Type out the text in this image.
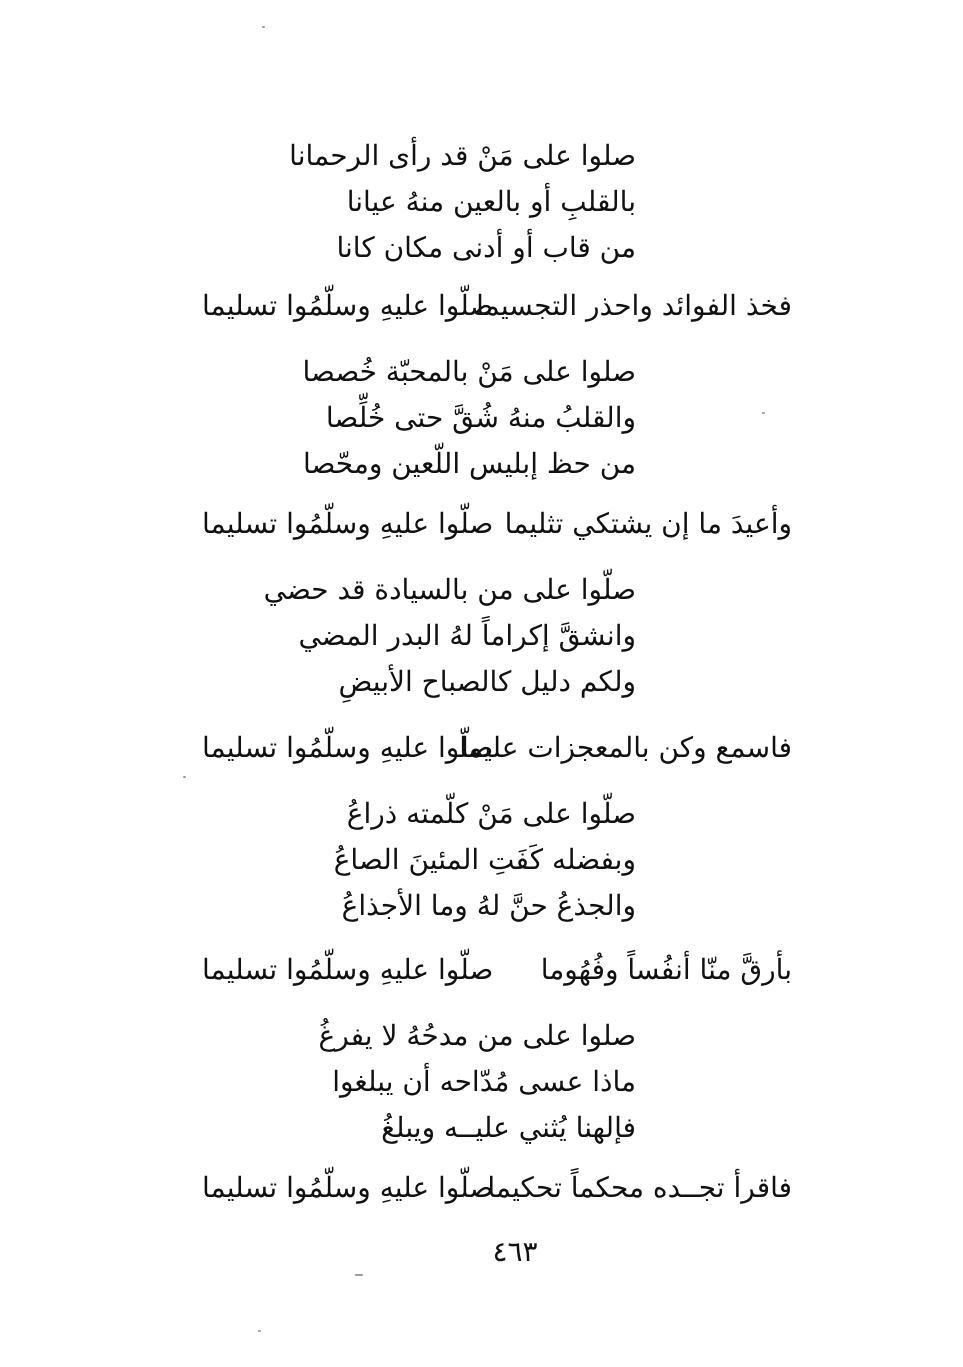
صلوا على مَنْ قد رأى الرحمانا
بالقلبِ أو بالعين منهُ عيانا
من قاب أو أدنى مكان كانا
فخذ الفوائد واحذر التجسيما
صلّوا عليهِ وسلّمُوا تسليما
صلوا على مَنْ بالمحبّة خُصصا
والقلبُ منهُ شُقَّ حتى خُلِّصا
من حظ إبليس اللّعين ومحّصا
وأعيدَ ما إن يشتكي تثليما
صلّوا عليهِ وسلّمُوا تسليما
صلّوا على من بالسيادة قد حضي
وانشقَّ إكراماً لهُ البدر المضي
ولكم دليل كالصباح الأبيضِ
فاسمع وكن بالمعجزات عليما
صلّوا عليهِ وسلّمُوا تسليما
صلّوا على مَنْ كلّمته ذراعُ
وبفضله كَفَتِ المئينَ الصاعُ
والجذعُ حنَّ لهُ وما الأجذاعُ
بأرقَّ منّا أنفُساً وفُهُوما
صلّوا عليهِ وسلّمُوا تسليما
صلوا على من مدحُهُ لا يفرغُ
ماذا عسى مُدّاحه أن يبلغوا
فإلهنا يُثني عليــه ويبلغُ
فاقرأ تجــده محكماً تحكيما
صلّوا عليهِ وسلّمُوا تسليما
٤٦٣
